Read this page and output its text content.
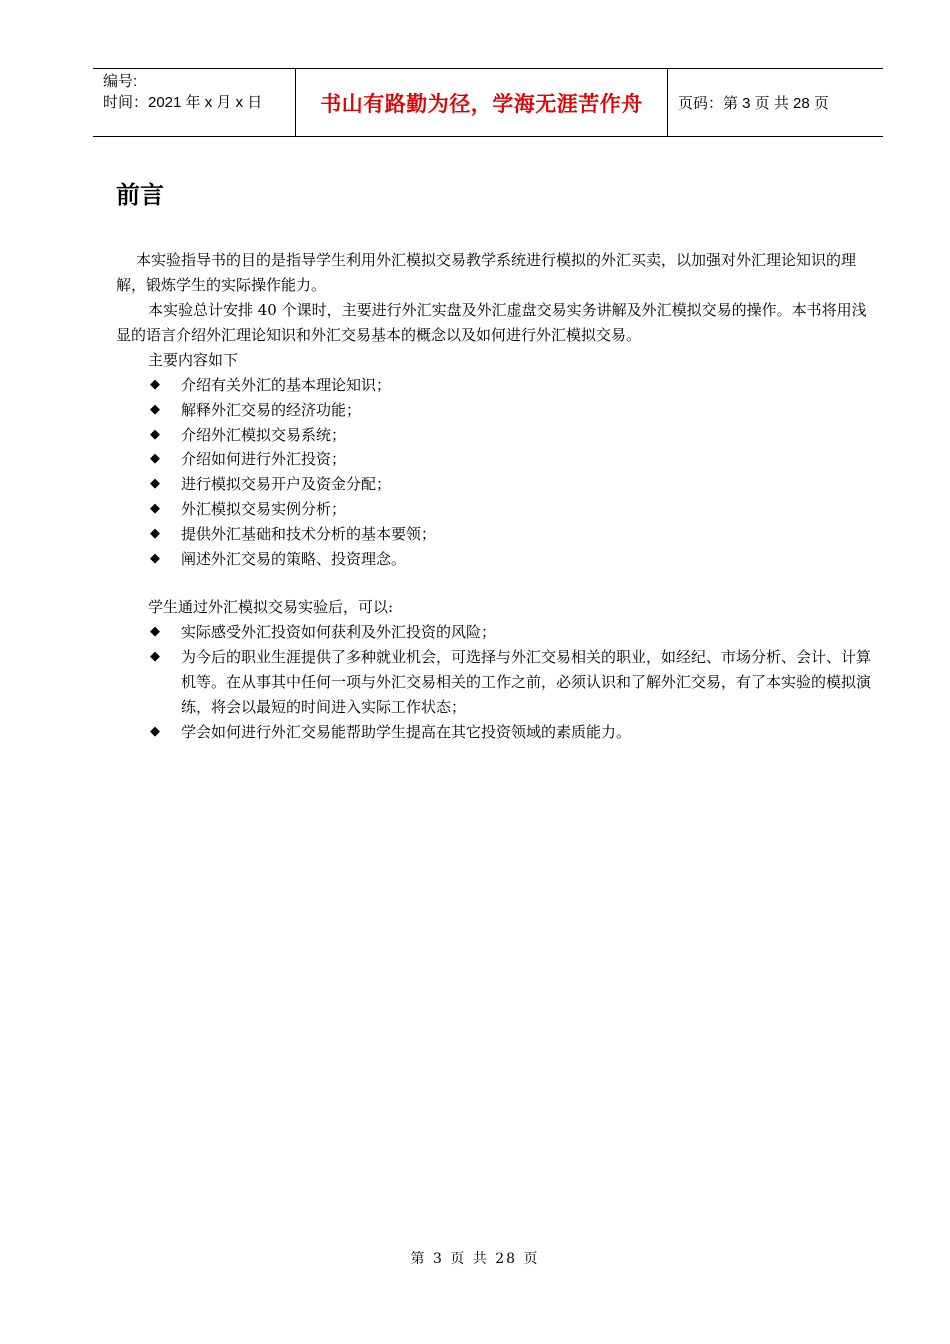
编号:
时间：2021 年 x 月 x 日	书山有路勤为径，学海无涯苦作舟	页码：第 3 页 共 28 页
前言

本实验指导书的目的是指导学生利用外汇模拟交易教学系统进行模拟的外汇买卖，以加强对外汇理论知识的理解，锻炼学生的实际操作能力。

本实验总计安排 40 个课时，主要进行外汇实盘及外汇虚盘交易实务讲解及外汇模拟交易的操作。本书将用浅显的语言介绍外汇理论知识和外汇交易基本的概念以及如何进行外汇模拟交易。

主要内容如下

◆ 介绍有关外汇的基本理论知识；
◆ 解释外汇交易的经济功能；
◆ 介绍外汇模拟交易系统；
◆ 介绍如何进行外汇投资；
◆ 进行模拟交易开户及资金分配；
◆ 外汇模拟交易实例分析；
◆ 提供外汇基础和技术分析的基本要领；
◆ 阐述外汇交易的策略、投资理念。

学生通过外汇模拟交易实验后，可以:

◆ 实际感受外汇投资如何获利及外汇投资的风险；
◆ 为今后的职业生涯提供了多种就业机会，可选择与外汇交易相关的职业，如经纪、市场分析、会计、计算机等。在从事其中任何一项与外汇交易相关的工作之前，必须认识和了解外汇交易，有了本实验的模拟演练，将会以最短的时间进入实际工作状态；
◆ 学会如何进行外汇交易能帮助学生提高在其它投资领域的素质能力。
第 3 页 共 28 页
